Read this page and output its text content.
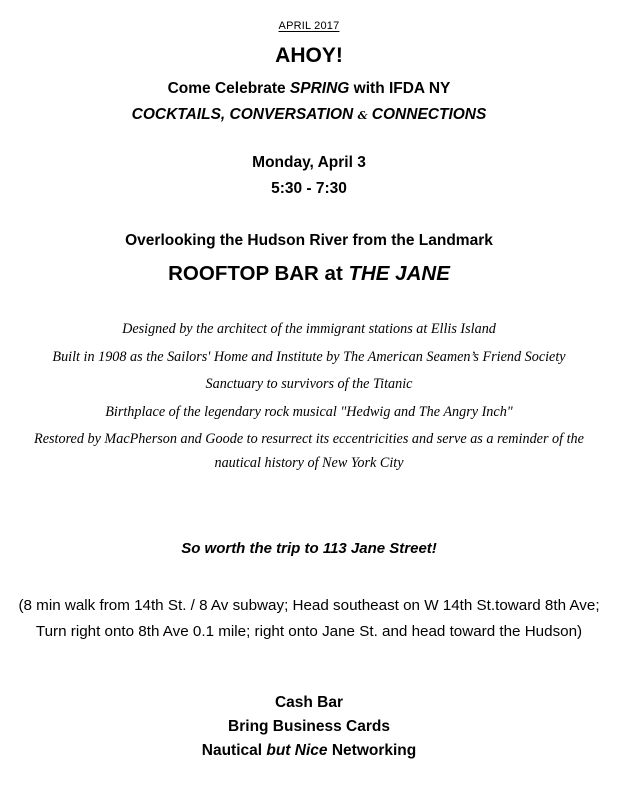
APRIL 2017
AHOY!
Come Celebrate SPRING with IFDA NY
COCKTAILS, CONVERSATION & CONNECTIONS
Monday, April 3
5:30 - 7:30
Overlooking the Hudson River from the Landmark
ROOFTOP BAR at THE JANE
Designed by the architect of the immigrant stations at Ellis Island
Built in 1908 as the Sailors' Home and Institute by The American Seamen’s Friend Society
Sanctuary to survivors of the Titanic
Birthplace of the legendary rock musical "Hedwig and The Angry Inch"
Restored by MacPherson and Goode to resurrect its eccentricities and serve as a reminder of the nautical history of New York City
So worth the trip to 113 Jane Street!
(8 min walk from 14th St. / 8 Av subway; Head southeast on W 14th St.toward 8th Ave; Turn right onto 8th Ave 0.1 mile; right onto Jane St. and head toward the Hudson)
Cash Bar
Bring Business Cards
Nautical but Nice Networking
